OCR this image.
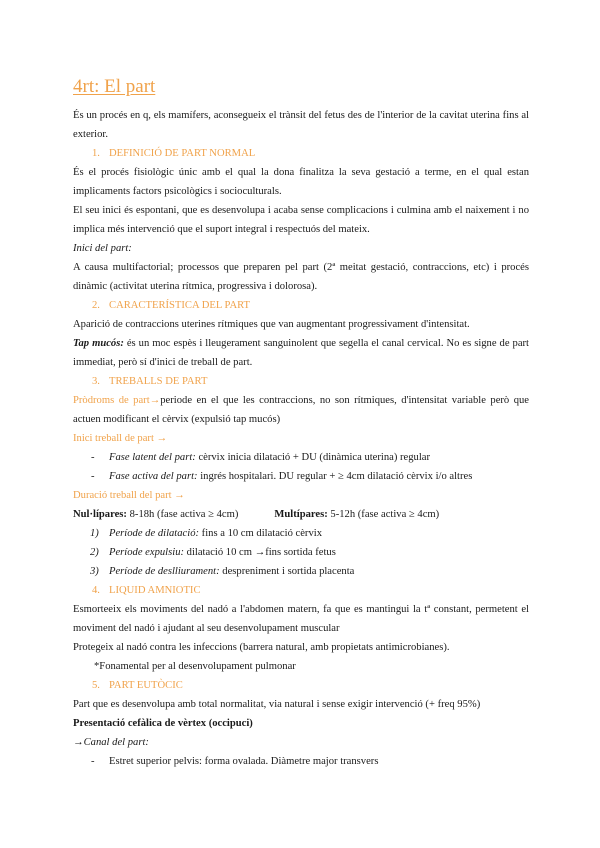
4rt: El part

És un procés en q, els mamífers, aconsegueix el trànsit del fetus des de l'interior de la cavitat uterina fins al exterior.

1. DEFINICIÓ DE PART NORMAL

És el procés fisiològic únic amb el qual la dona finalitza la seva gestació a terme, en el qual estan implicaments factors psicològics i socioculturals.

El seu inici és espontani, que es desenvolupa i acaba sense complicacions i culmina amb el naixement i no implica més intervenció que el suport integral i respectuós del mateix.

Inici del part:

A causa multifactorial; processos que preparen pel part (2ª meitat gestació, contraccions, etc) i procés dinàmic (activitat uterina rítmica, progressiva i dolorosa).

2. CARACTERÍSTICA DEL PART

Aparició de contraccions uterines rítmiques que van augmentant progressivament d'intensitat.

Tap mucós: és un moc espès i lleugerament sanguinolent que segella el canal cervical. No es signe de part immediat, però sí d'inici de treball de part.

3. TREBALLS DE PART

Pròdroms de part→periode en el que les contraccions, no son rítmiques, d'intensitat variable però que actuen modificant el cèrvix (expulsió tap mucós)

Inici treball de part →

- Fase latent del part: cèrvix inicia dilatació + DU (dinàmica uterina) regular
- Fase activa del part: ingrés hospitalari. DU regular + ≥ 4cm dilatació cèrvix i/o altres

Duració treball del part →

Nul·lípares: 8-18h (fase activa ≥ 4cm)	Multípares: 5-12h (fase activa ≥ 4cm)

1) Període de dilatació: fins a 10 cm dilatació cèrvix
2) Període expulsiu: dilatació 10 cm →fins sortida fetus
3) Període de deslliurament: despreniment i sortida placenta
4. LIQUID AMNIOTIC

Esmorteeix els moviments del nadó a l'abdomen matern, fa que es mantingui la tª constant, permetent el moviment del nadó i ajudant al seu desenvolupament muscular

Protegeix al nadó contra les infeccions (barrera natural, amb propietats antimicrobianes).

*Fonamental per al desenvolupament pulmonar

5. PART EUTÒCIC

Part que es desenvolupa amb total normalitat, via natural i sense exigir intervenció (+ freq 95%)

Presentació cefàlica de vèrtex (occipuci)

→Canal del part:

- Estret superior pelvis: forma ovalada. Diàmetre major transvers
